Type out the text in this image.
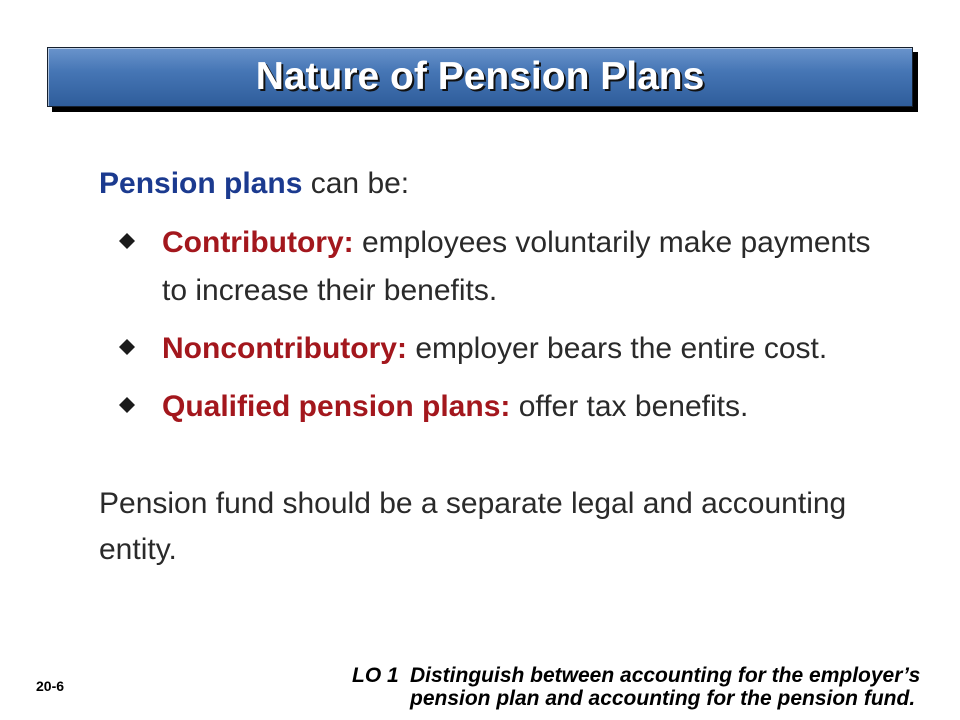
Nature of Pension Plans
Pension plans can be:
Contributory: employees voluntarily make payments to increase their benefits.
Noncontributory: employer bears the entire cost.
Qualified pension plans: offer tax benefits.
Pension fund should be a separate legal and accounting entity.
20-6	LO 1 Distinguish between accounting for the employer’s pension plan and accounting for the pension fund.
